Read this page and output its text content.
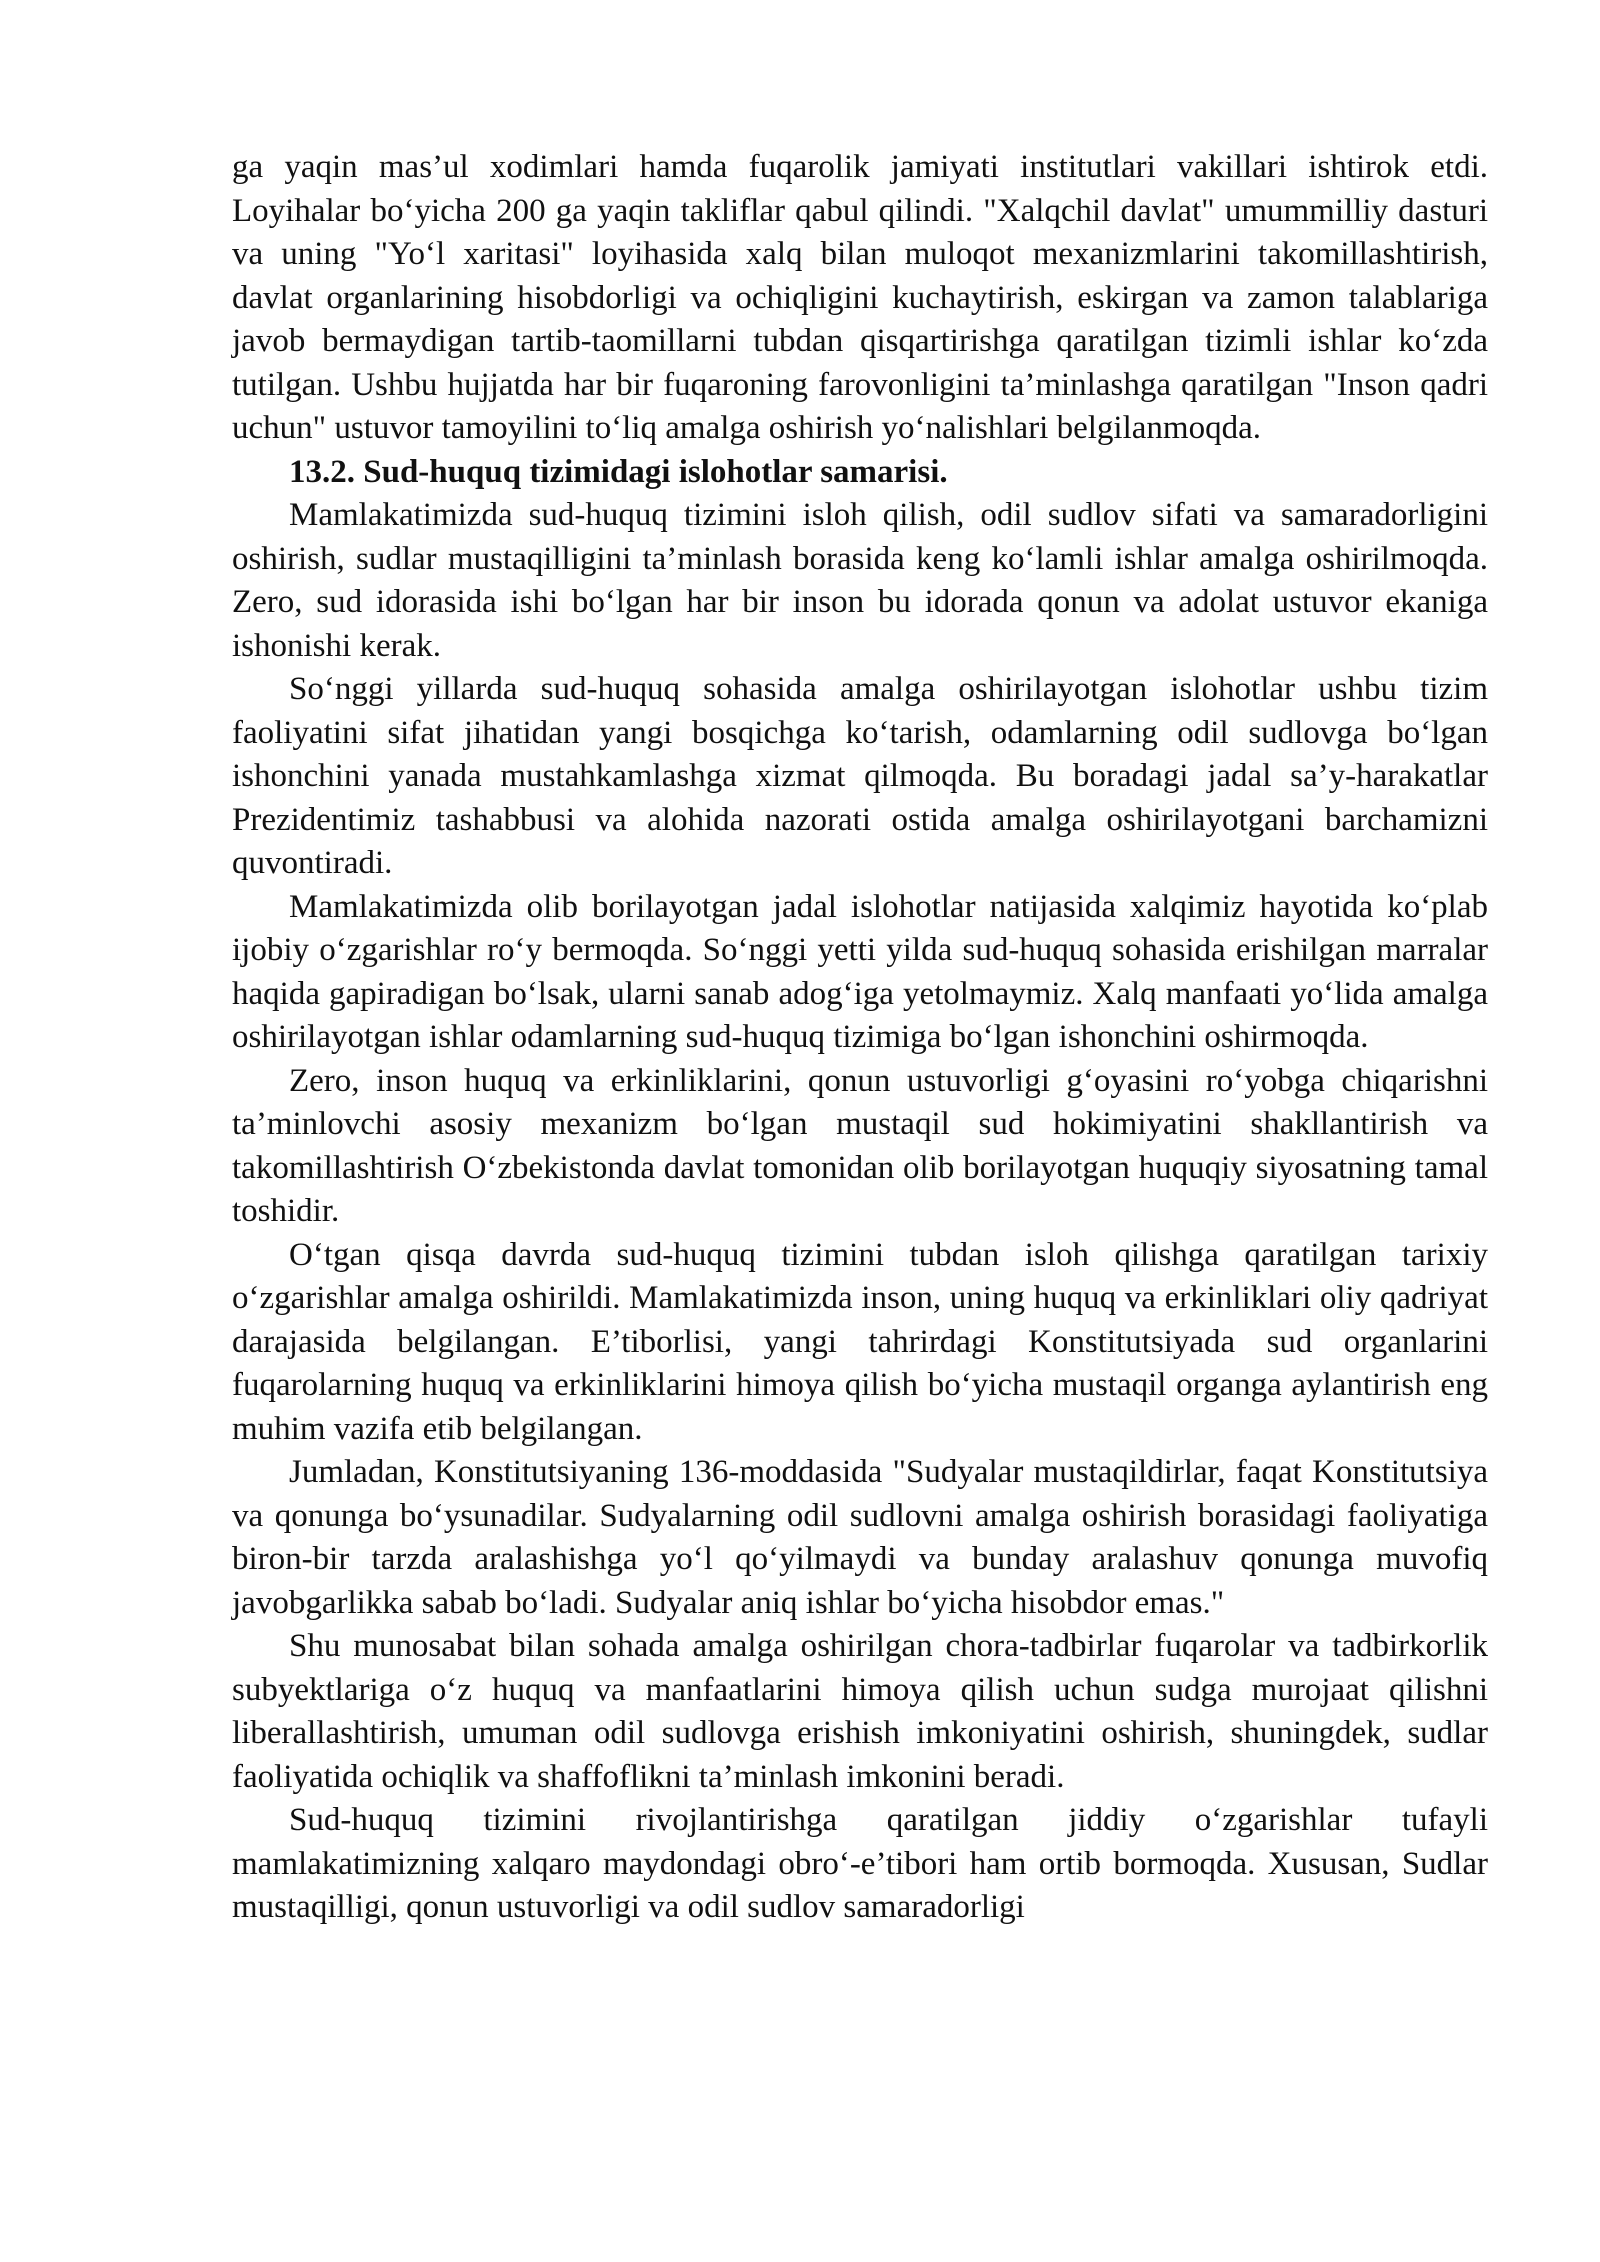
ga yaqin mas’ul xodimlari hamda fuqarolik jamiyati institutlari vakillari ishtirok etdi. Loyihalar bo‘yicha 200 ga yaqin takliflar qabul qilindi. "Xalqchil davlat" umummilliy dasturi va uning "Yo‘l xaritasi" loyihasida xalq bilan muloqot mexanizmlarini takomillashtirish, davlat organlarining hisobdorligi va ochiqligini kuchaytirish, eskirgan va zamon talablariga javob bermaydigan tartib-taomillarni tubdan qisqartirishga qaratilgan tizimli ishlar ko‘zda tutilgan. Ushbu hujjatda har bir fuqaroning farovonligini ta’minlashga qaratilgan "Inson qadri uchun" ustuvor tamoyilini to‘liq amalga oshirish yo‘nalishlari belgilanmoqda.

13.2. Sud-huquq tizimidagi islohotlar samarisi.

Mamlakatimizda sud-huquq tizimini isloh qilish, odil sudlov sifati va samaradorligini oshirish, sudlar mustaqilligini ta’minlash borasida keng ko‘lamli ishlar amalga oshirilmoqda. Zero, sud idorasida ishi bo‘lgan har bir inson bu idorada qonun va adolat ustuvor ekaniga ishonishi kerak.

So‘nggi yillarda sud-huquq sohasida amalga oshirilayotgan islohotlar ushbu tizim faoliyatini sifat jihatidan yangi bosqichga ko‘tarish, odamlarning odil sudlovga bo‘lgan ishonchini yanada mustahkamlashga xizmat qilmoqda. Bu boradagi jadal sa’y-harakatlar Prezidentimiz tashabbusi va alohida nazorati ostida amalga oshirilayotgani barchamizni quvontiradi.

Mamlakatimizda olib borilayotgan jadal islohotlar natijasida xalqimiz hayotida ko‘plab ijobiy o‘zgarishlar ro‘y bermoqda. So‘nggi yetti yilda sud-huquq sohasida erishilgan marralar haqida gapiradigan bo‘lsak, ularni sanab adog‘iga yetolmaymiz. Xalq manfaati yo‘lida amalga oshirilayotgan ishlar odamlarning sud-huquq tizimiga bo‘lgan ishonchini oshirmoqda.

Zero, inson huquq va erkinliklarini, qonun ustuvorligi g‘oyasini ro‘yobga chiqarishni ta’minlovchi asosiy mexanizm bo‘lgan mustaqil sud hokimiyatini shakllantirish va takomillashtirish O‘zbekistonda davlat tomonidan olib borilayotgan huquqiy siyosatning tamal toshidir.

O‘tgan qisqa davrda sud-huquq tizimini tubdan isloh qilishga qaratilgan tarixiy o‘zgarishlar amalga oshirildi. Mamlakatimizda inson, uning huquq va erkinliklari oliy qadriyat darajasida belgilangan. E’tiborlisi, yangi tahrirdagi Konstitutsiyada sud organlarini fuqarolarning huquq va erkinliklarini himoya qilish bo‘yicha mustaqil organga aylantirish eng muhim vazifa etib belgilangan.

Jumladan, Konstitutsiyaning 136-moddasida "Sudyalar mustaqildirlar, faqat Konstitutsiya va qonunga bo‘ysunadilar. Sudyalarning odil sudlovni amalga oshirish borasidagi faoliyatiga biron-bir tarzda aralashishga yo‘l qo‘yilmaydi va bunday aralashuv qonunga muvofiq javobgarlikka sabab bo‘ladi. Sudyalar aniq ishlar bo‘yicha hisobdor emas."

Shu munosabat bilan sohada amalga oshirilgan chora-tadbirlar fuqarolar va tadbirkorlik subyektlariga o‘z huquq va manfaatlarini himoya qilish uchun sudga murojaat qilishni liberallashtirish, umuman odil sudlovga erishish imkoniyatini oshirish, shuningdek, sudlar faoliyatida ochiqlik va shaffoflikni ta’minlash imkonini beradi.

Sud-huquq tizimini rivojlantirishga qaratilgan jiddiy o‘zgarishlar tufayli mamlakatimizning xalqaro maydondagi obro‘-e’tibori ham ortib bormoqda. Xususan, Sudlar mustaqilligi, qonun ustuvorligi va odil sudlov samaradorligi
